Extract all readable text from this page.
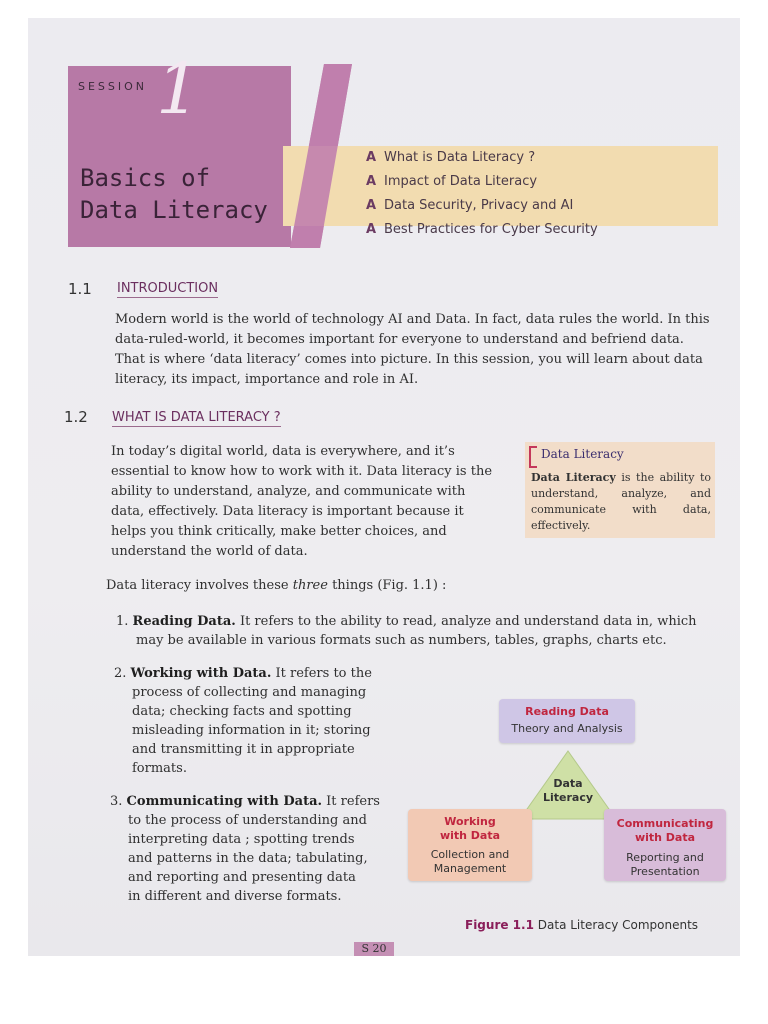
SESSION 1
Basics of
Data Literacy
A What is Data Literacy ?
A Impact of Data Literacy
A Data Security, Privacy and AI
A Best Practices for Cyber Security
1.1 INTRODUCTION
Modern world is the world of technology AI and Data. In fact, data rules the world. In this
data-ruled-world, it becomes important for everyone to understand and befriend data.
That is where ‘data literacy’ comes into picture. In this session, you will learn about data
literacy, its impact, importance and role in AI.
1.2 WHAT IS DATA LITERACY ?
In today’s digital world, data is everywhere, and it’s
essential to know how to work with it. Data literacy is the
ability to understand, analyze, and communicate with
data, effectively. Data literacy is important because it
helps you think critically, make better choices, and
understand the world of data.
Data Literacy
Data Literacy is the ability to understand, analyze, and communicate with data, effectively.
Data literacy involves these three things (Fig. 1.1) :
1. Reading Data. It refers to the ability to read, analyze and understand data in, which
may be available in various formats such as numbers, tables, graphs, charts etc.
2. Working with Data. It refers to the
process of collecting and managing
data; checking facts and spotting
misleading information in it; storing
and transmitting it in appropriate
formats.
3. Communicating with Data. It refers
to the process of understanding and
interpreting data ; spotting trends
and patterns in the data; tabulating,
and reporting and presenting data
in different and diverse formats.
Reading Data
Theory and Analysis
Data
Literacy
Working
with Data
Collection and
Management
Communicating
with Data
Reporting and
Presentation
Figure 1.1 Data Literacy Components
S 20
